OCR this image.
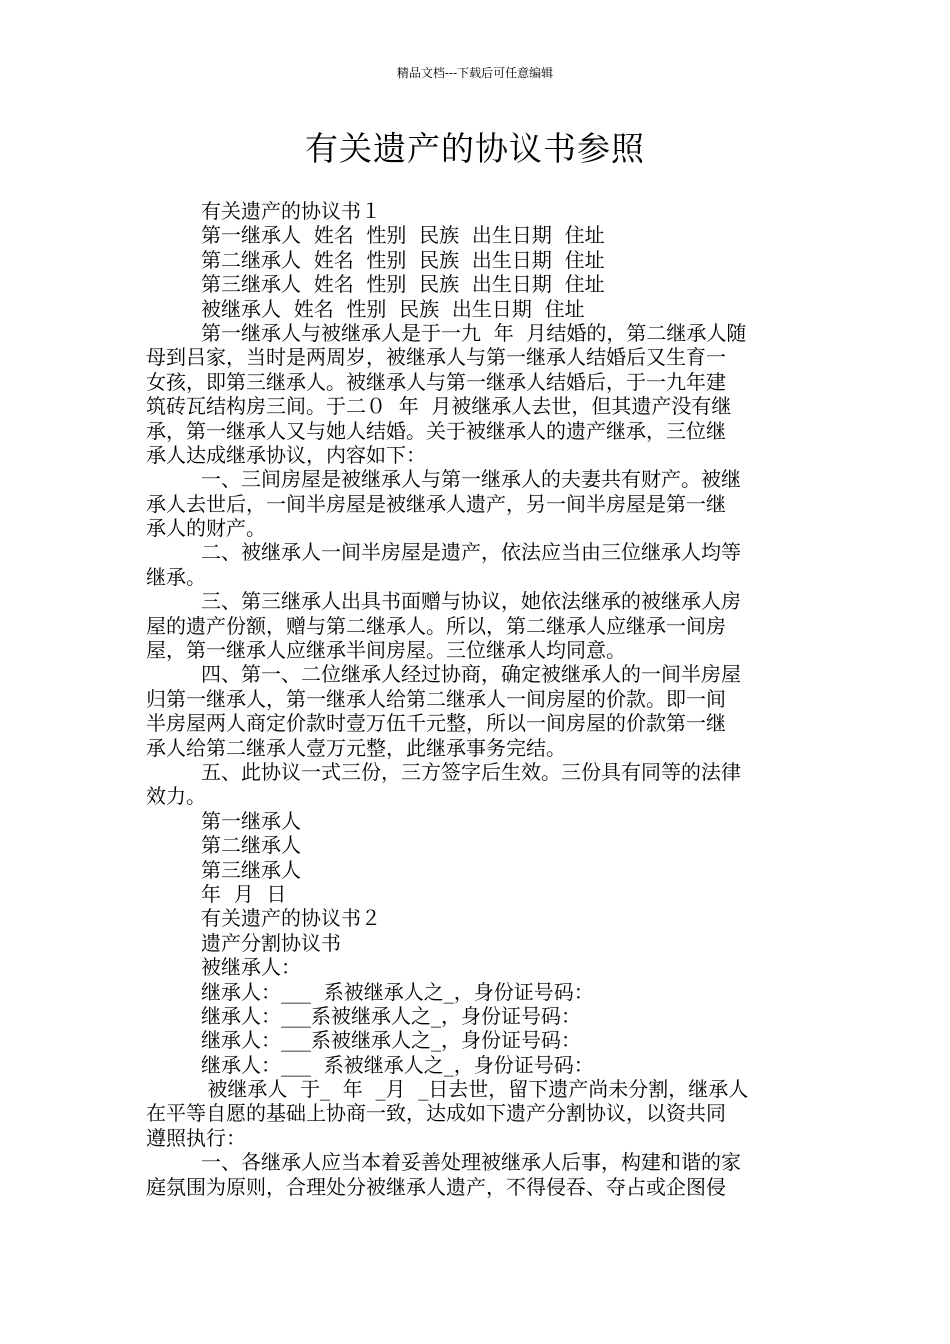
精品文档---下载后可任意编辑
有关遗产的协议书参照
有关遗产的协议书１
第一继承人  姓名  性别  民族  出生日期  住址
第二继承人  姓名  性别  民族  出生日期  住址
第三继承人  姓名  性别  民族  出生日期  住址
被继承人  姓名  性别  民族  出生日期  住址
第一继承人与被继承人是于一九  年  月结婚的，第二继承人随
母到吕家，当时是两周岁，被继承人与第一继承人结婚后又生育一
女孩，即第三继承人。被继承人与第一继承人结婚后，于一九年建
筑砖瓦结构房三间。于二０  年  月被继承人去世，但其遗产没有继
承，第一继承人又与她人结婚。关于被继承人的遗产继承，三位继
承人达成继承协议，内容如下：
一、三间房屋是被继承人与第一继承人的夫妻共有财产。被继
承人去世后，一间半房屋是被继承人遗产，另一间半房屋是第一继
承人的财产。
二、被继承人一间半房屋是遗产，依法应当由三位继承人均等
继承。
三、第三继承人出具书面赠与协议，她依法继承的被继承人房
屋的遗产份额，赠与第二继承人。所以，第二继承人应继承一间房
屋，第一继承人应继承半间房屋。三位继承人均同意。
四、第一、二位继承人经过协商，确定被继承人的一间半房屋
归第一继承人，第一继承人给第二继承人一间房屋的价款。即一间
半房屋两人商定价款时壹万伍千元整，所以一间房屋的价款第一继
承人给第二继承人壹万元整，此继承事务完结。
五、此协议一式三份，三方签字后生效。三份具有同等的法律
效力。
第一继承人
第二继承人
第三继承人
年  月  日
有关遗产的协议书２
遗产分割协议书
被继承人：
继承人：___  系被继承人之_，身份证号码：
继承人：___系被继承人之_，身份证号码：
继承人：___系被继承人之_，身份证号码：
继承人：___  系被继承人之_，身份证号码：
被继承人  于_  年  _月  _日去世，留下遗产尚未分割，继承人
在平等自愿的基础上协商一致，达成如下遗产分割协议，以资共同
遵照执行：
一、各继承人应当本着妥善处理被继承人后事，构建和谐的家
庭氛围为原则，合理处分被继承人遗产，不得侵吞、夺占或企图侵
